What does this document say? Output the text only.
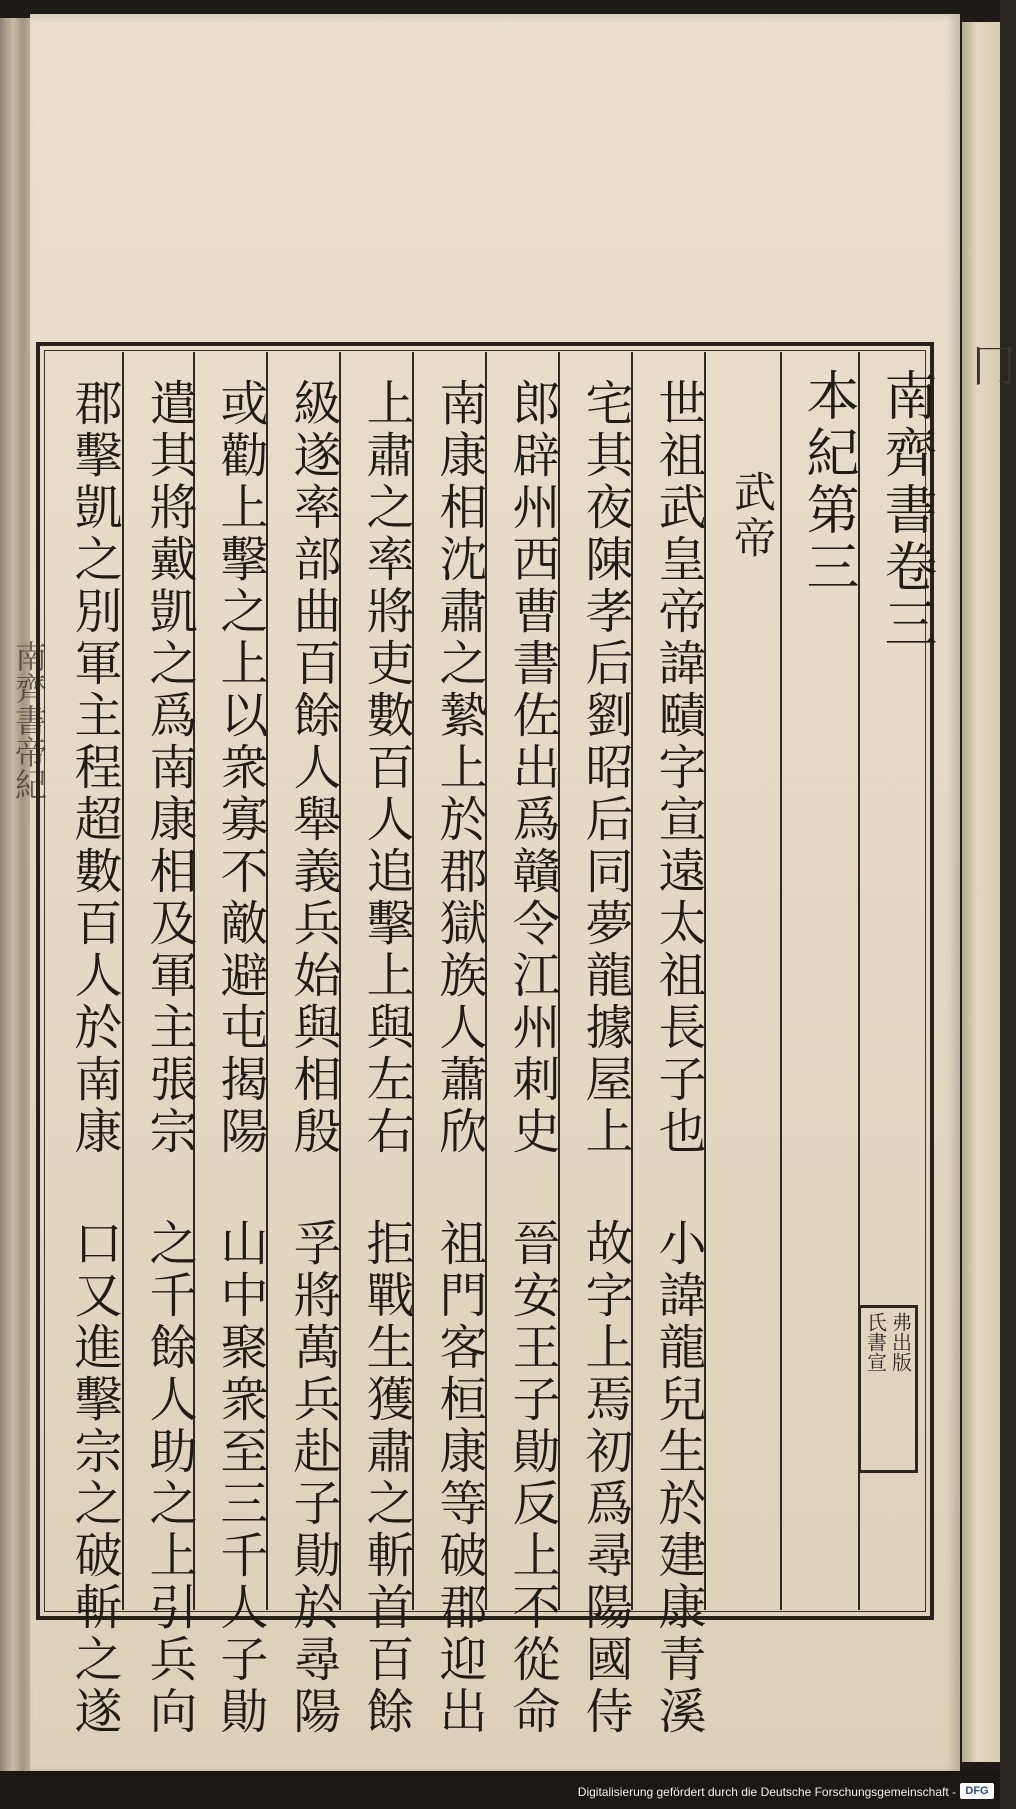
冂
南齊書帝紀
南齊書卷三
本紀第三
武帝
世祖武皇帝諱賾字宣遠太祖長子也 小諱龍兒生於建康青溪
宅其夜陳孝后劉昭后同夢龍據屋上 故字上焉初爲尋陽國侍
郎辟州西曹書佐出爲贛令江州刺史 晉安王子勛反上不從命
南康相沈肅之縶上於郡獄族人蕭欣 祖門客桓康等破郡迎出
上肅之率將吏數百人追擊上與左右 拒戰生獲肅之斬首百餘
級遂率部曲百餘人舉義兵始與相殷 孚將萬兵赴子勛於尋陽
或勸上擊之上以衆寡不敵避屯揭陽 山中聚衆至三千人子勛
遣其將戴凱之爲南康相及軍主張宗 之千餘人助之上引兵向
郡擊凱之別軍主程超數百人於南康 口又進擊宗之破斬之遂	弗出版
氏書宣
Digitalisierung gefördert durch die Deutsche Forschungsgemeinschaft - DFG
